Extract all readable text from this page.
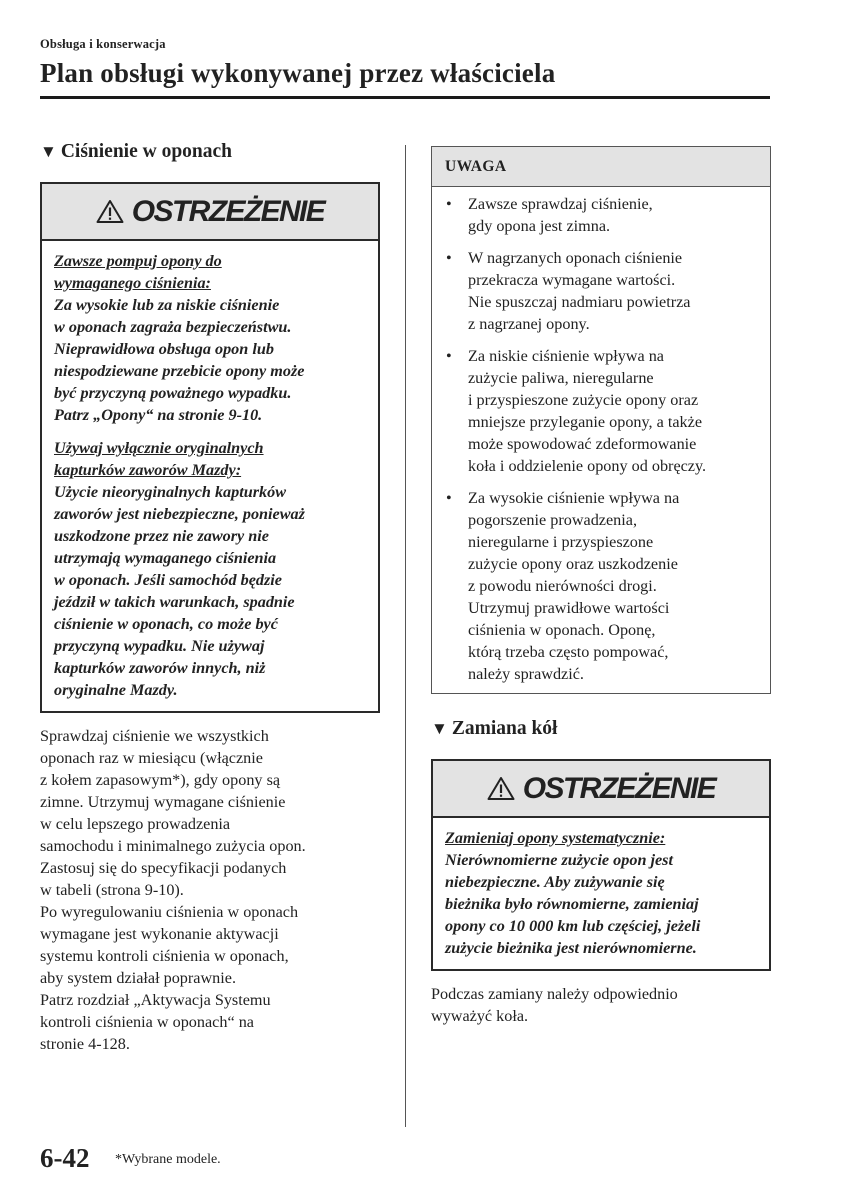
Obsługa i konserwacja
Plan obsługi wykonywanej przez właściciela
▼ Ciśnienie w oponach
OSTRZEŻENIE

Zawsze pompuj opony do
wymaganego ciśnienia:
Za wysokie lub za niskie ciśnienie
w oponach zagraża bezpieczeństwu.
Nieprawidłowa obsługa opon lub
niespodziewane przebicie opony może
być przyczyną poważnego wypadku.
Patrz „Opony“ na stronie 9-10.

Używaj wyłącznie oryginalnych
kapturków zaworów Mazdy:
Użycie nieoryginalnych kapturków
zaworów jest niebezpieczne, ponieważ
uszkodzone przez nie zawory nie
utrzymają wymaganego ciśnienia
w oponach. Jeśli samochód będzie
jeździł w takich warunkach, spadnie
ciśnienie w oponach, co może być
przyczyną wypadku. Nie używaj
kapturków zaworów innych, niż
oryginalne Mazdy.

Sprawdzaj ciśnienie we wszystkich
oponach raz w miesiącu (włącznie
z kołem zapasowym*), gdy opony są
zimne. Utrzymuj wymagane ciśnienie
w celu lepszego prowadzenia
samochodu i minimalnego zużycia opon.
Zastosuj się do specyfikacji podanych
w tabeli (strona 9-10).
Po wyregulowaniu ciśnienia w oponach
wymagane jest wykonanie aktywacji
systemu kontroli ciśnienia w oponach,
aby system działał poprawnie.
Patrz rozdział „Aktywacja Systemu
kontroli ciśnienia w oponach“ na
stronie 4-128.
UWAGA
•	Zawsze sprawdzaj ciśnienie,
gdy opona jest zimna.
•	W nagrzanych oponach ciśnienie
przekracza wymagane wartości.
Nie spuszczaj nadmiaru powietrza
z nagrzanej opony.
•	Za niskie ciśnienie wpływa na
zużycie paliwa, nieregularne
i przyspieszone zużycie opony oraz
mniejsze przyleganie opony, a także
może spowodować zdeformowanie
koła i oddzielenie opony od obręczy.
•	Za wysokie ciśnienie wpływa na
pogorszenie prowadzenia,
nieregularne i przyspieszone
zużycie opony oraz uszkodzenie
z powodu nierówności drogi.
Utrzymuj prawidłowe wartości
ciśnienia w oponach. Oponę,
którą trzeba często pompować,
należy sprawdzić.
▼ Zamiana kół
OSTRZEŻENIE

Zamieniaj opony systematycznie:
Nierównomierne zużycie opon jest
niebezpieczne. Aby zużywanie się
bieżnika było równomierne, zamieniaj
opony co 10 000 km lub częściej, jeżeli
zużycie bieżnika jest nierównomierne.

Podczas zamiany należy odpowiednio
wyważyć koła.
6-42 *Wybrane modele.
